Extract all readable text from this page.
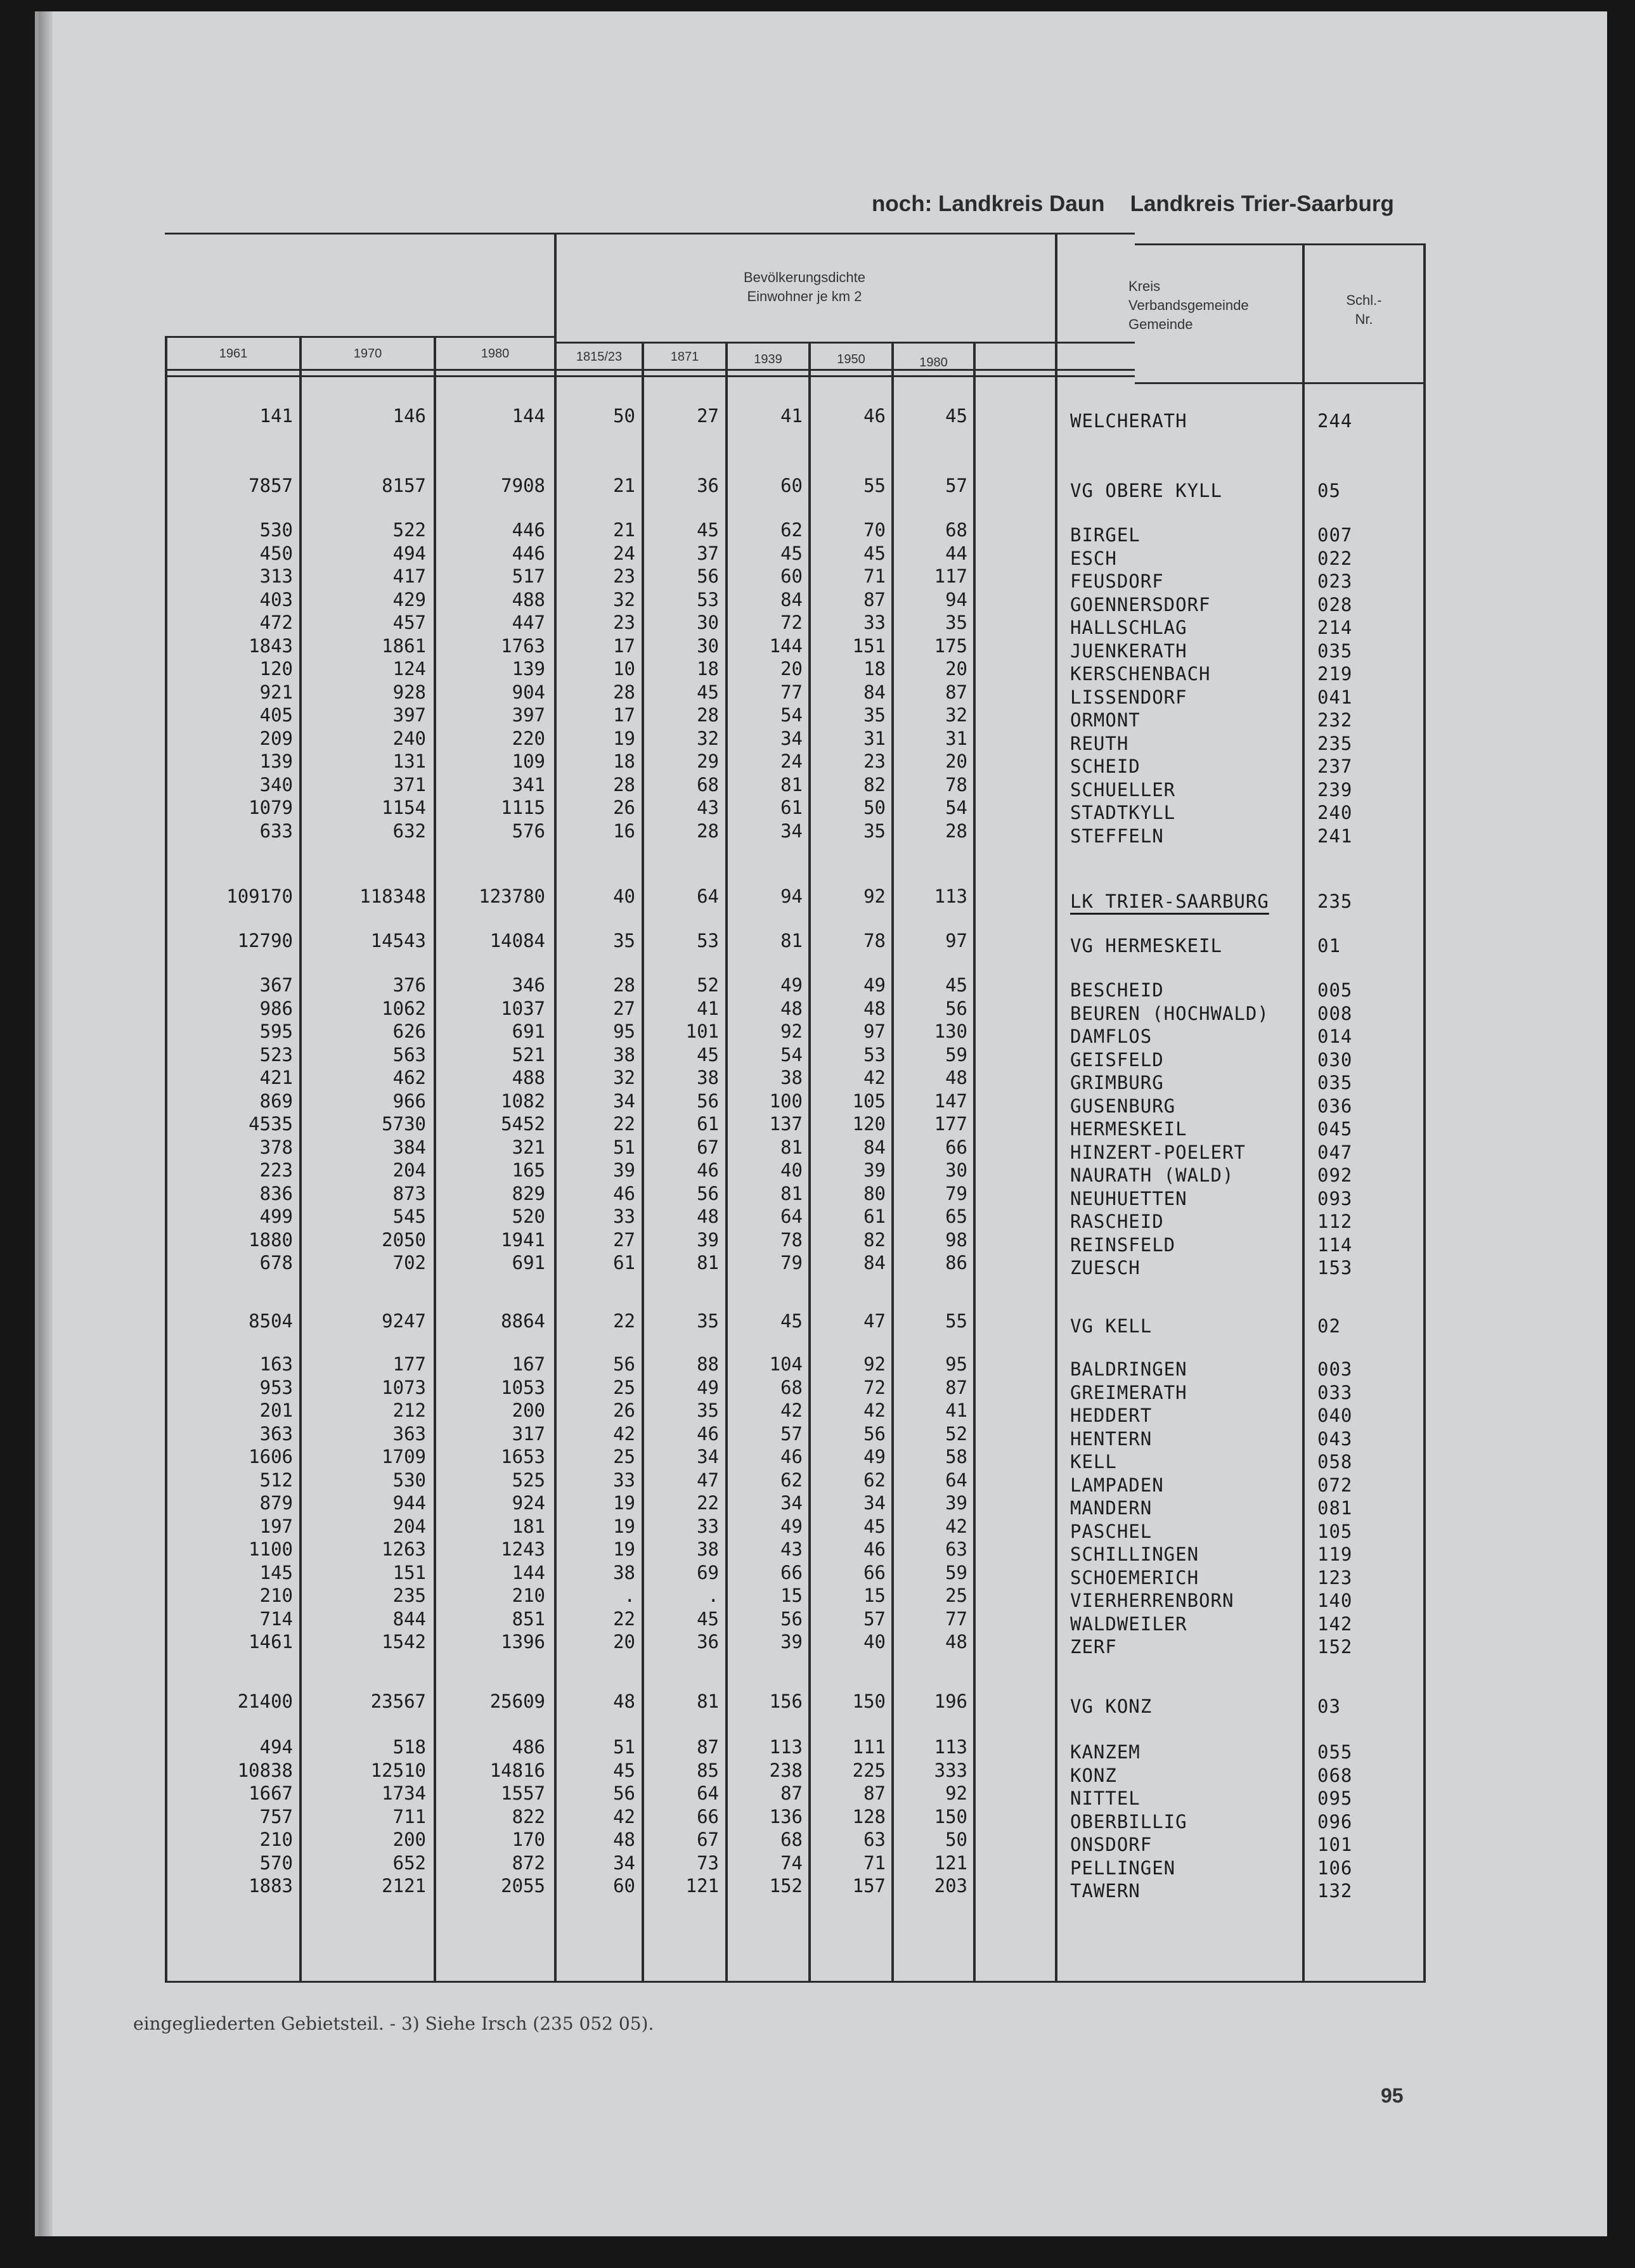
noch: Landkreis Daun Landkreis Trier-Saarburg
Bevölkerungsdichte
Einwohner je km 2
Kreis
Verbandsgemeinde
Gemeinde
Schl.-
Nr.
1961	1970	1980	1815/23	1871	1939	1950	1980
141	146	144	50	27	41	46	45	WELCHERATH	244
7857	8157	7908	21	36	60	55	57	VG OBERE KYLL	05
530	522	446	21	45	62	70	68	BIRGEL	007
450	494	446	24	37	45	45	44	ESCH	022
313	417	517	23	56	60	71	117	FEUSDORF	023
403	429	488	32	53	84	87	94	GOENNERSDORF	028
472	457	447	23	30	72	33	35	HALLSCHLAG	214
1843	1861	1763	17	30	144	151	175	JUENKERATH	035
120	124	139	10	18	20	18	20	KERSCHENBACH	219
921	928	904	28	45	77	84	87	LISSENDORF	041
405	397	397	17	28	54	35	32	ORMONT	232
209	240	220	19	32	34	31	31	REUTH	235
139	131	109	18	29	24	23	20	SCHEID	237
340	371	341	28	68	81	82	78	SCHUELLER	239
1079	1154	1115	26	43	61	50	54	STADTKYLL	240
633	632	576	16	28	34	35	28	STEFFELN	241
109170	118348	123780	40	64	94	92	113	LK TRIER-SAARBURG	235
12790	14543	14084	35	53	81	78	97	VG HERMESKEIL	01
367	376	346	28	52	49	49	45	BESCHEID	005
986	1062	1037	27	41	48	48	56	BEUREN (HOCHWALD)	008
595	626	691	95	101	92	97	130	DAMFLOS	014
523	563	521	38	45	54	53	59	GEISFELD	030
421	462	488	32	38	38	42	48	GRIMBURG	035
869	966	1082	34	56	100	105	147	GUSENBURG	036
4535	5730	5452	22	61	137	120	177	HERMESKEIL	045
378	384	321	51	67	81	84	66	HINZERT-POELERT	047
223	204	165	39	46	40	39	30	NAURATH (WALD)	092
836	873	829	46	56	81	80	79	NEUHUETTEN	093
499	545	520	33	48	64	61	65	RASCHEID	112
1880	2050	1941	27	39	78	82	98	REINSFELD	114
678	702	691	61	81	79	84	86	ZUESCH	153
8504	9247	8864	22	35	45	47	55	VG KELL	02
163	177	167	56	88	104	92	95	BALDRINGEN	003
953	1073	1053	25	49	68	72	87	GREIMERATH	033
201	212	200	26	35	42	42	41	HEDDERT	040
363	363	317	42	46	57	56	52	HENTERN	043
1606	1709	1653	25	34	46	49	58	KELL	058
512	530	525	33	47	62	62	64	LAMPADEN	072
879	944	924	19	22	34	34	39	MANDERN	081
197	204	181	19	33	49	45	42	PASCHEL	105
1100	1263	1243	19	38	43	46	63	SCHILLINGEN	119
145	151	144	38	69	66	66	59	SCHOEMERICH	123
210	235	210	.	.	15	15	25	VIERHERRENBORN	140
714	844	851	22	45	56	57	77	WALDWEILER	142
1461	1542	1396	20	36	39	40	48	ZERF	152
21400	23567	25609	48	81	156	150	196	VG KONZ	03
494	518	486	51	87	113	111	113	KANZEM	055
10838	12510	14816	45	85	238	225	333	KONZ	068
1667	1734	1557	56	64	87	87	92	NITTEL	095
757	711	822	42	66	136	128	150	OBERBILLIG	096
210	200	170	48	67	68	63	50	ONSDORF	101
570	652	872	34	73	74	71	121	PELLINGEN	106
1883	2121	2055	60	121	152	157	203	TAWERN	132
eingegliederten Gebietsteil. - 3) Siehe Irsch (235 052 05).
95
